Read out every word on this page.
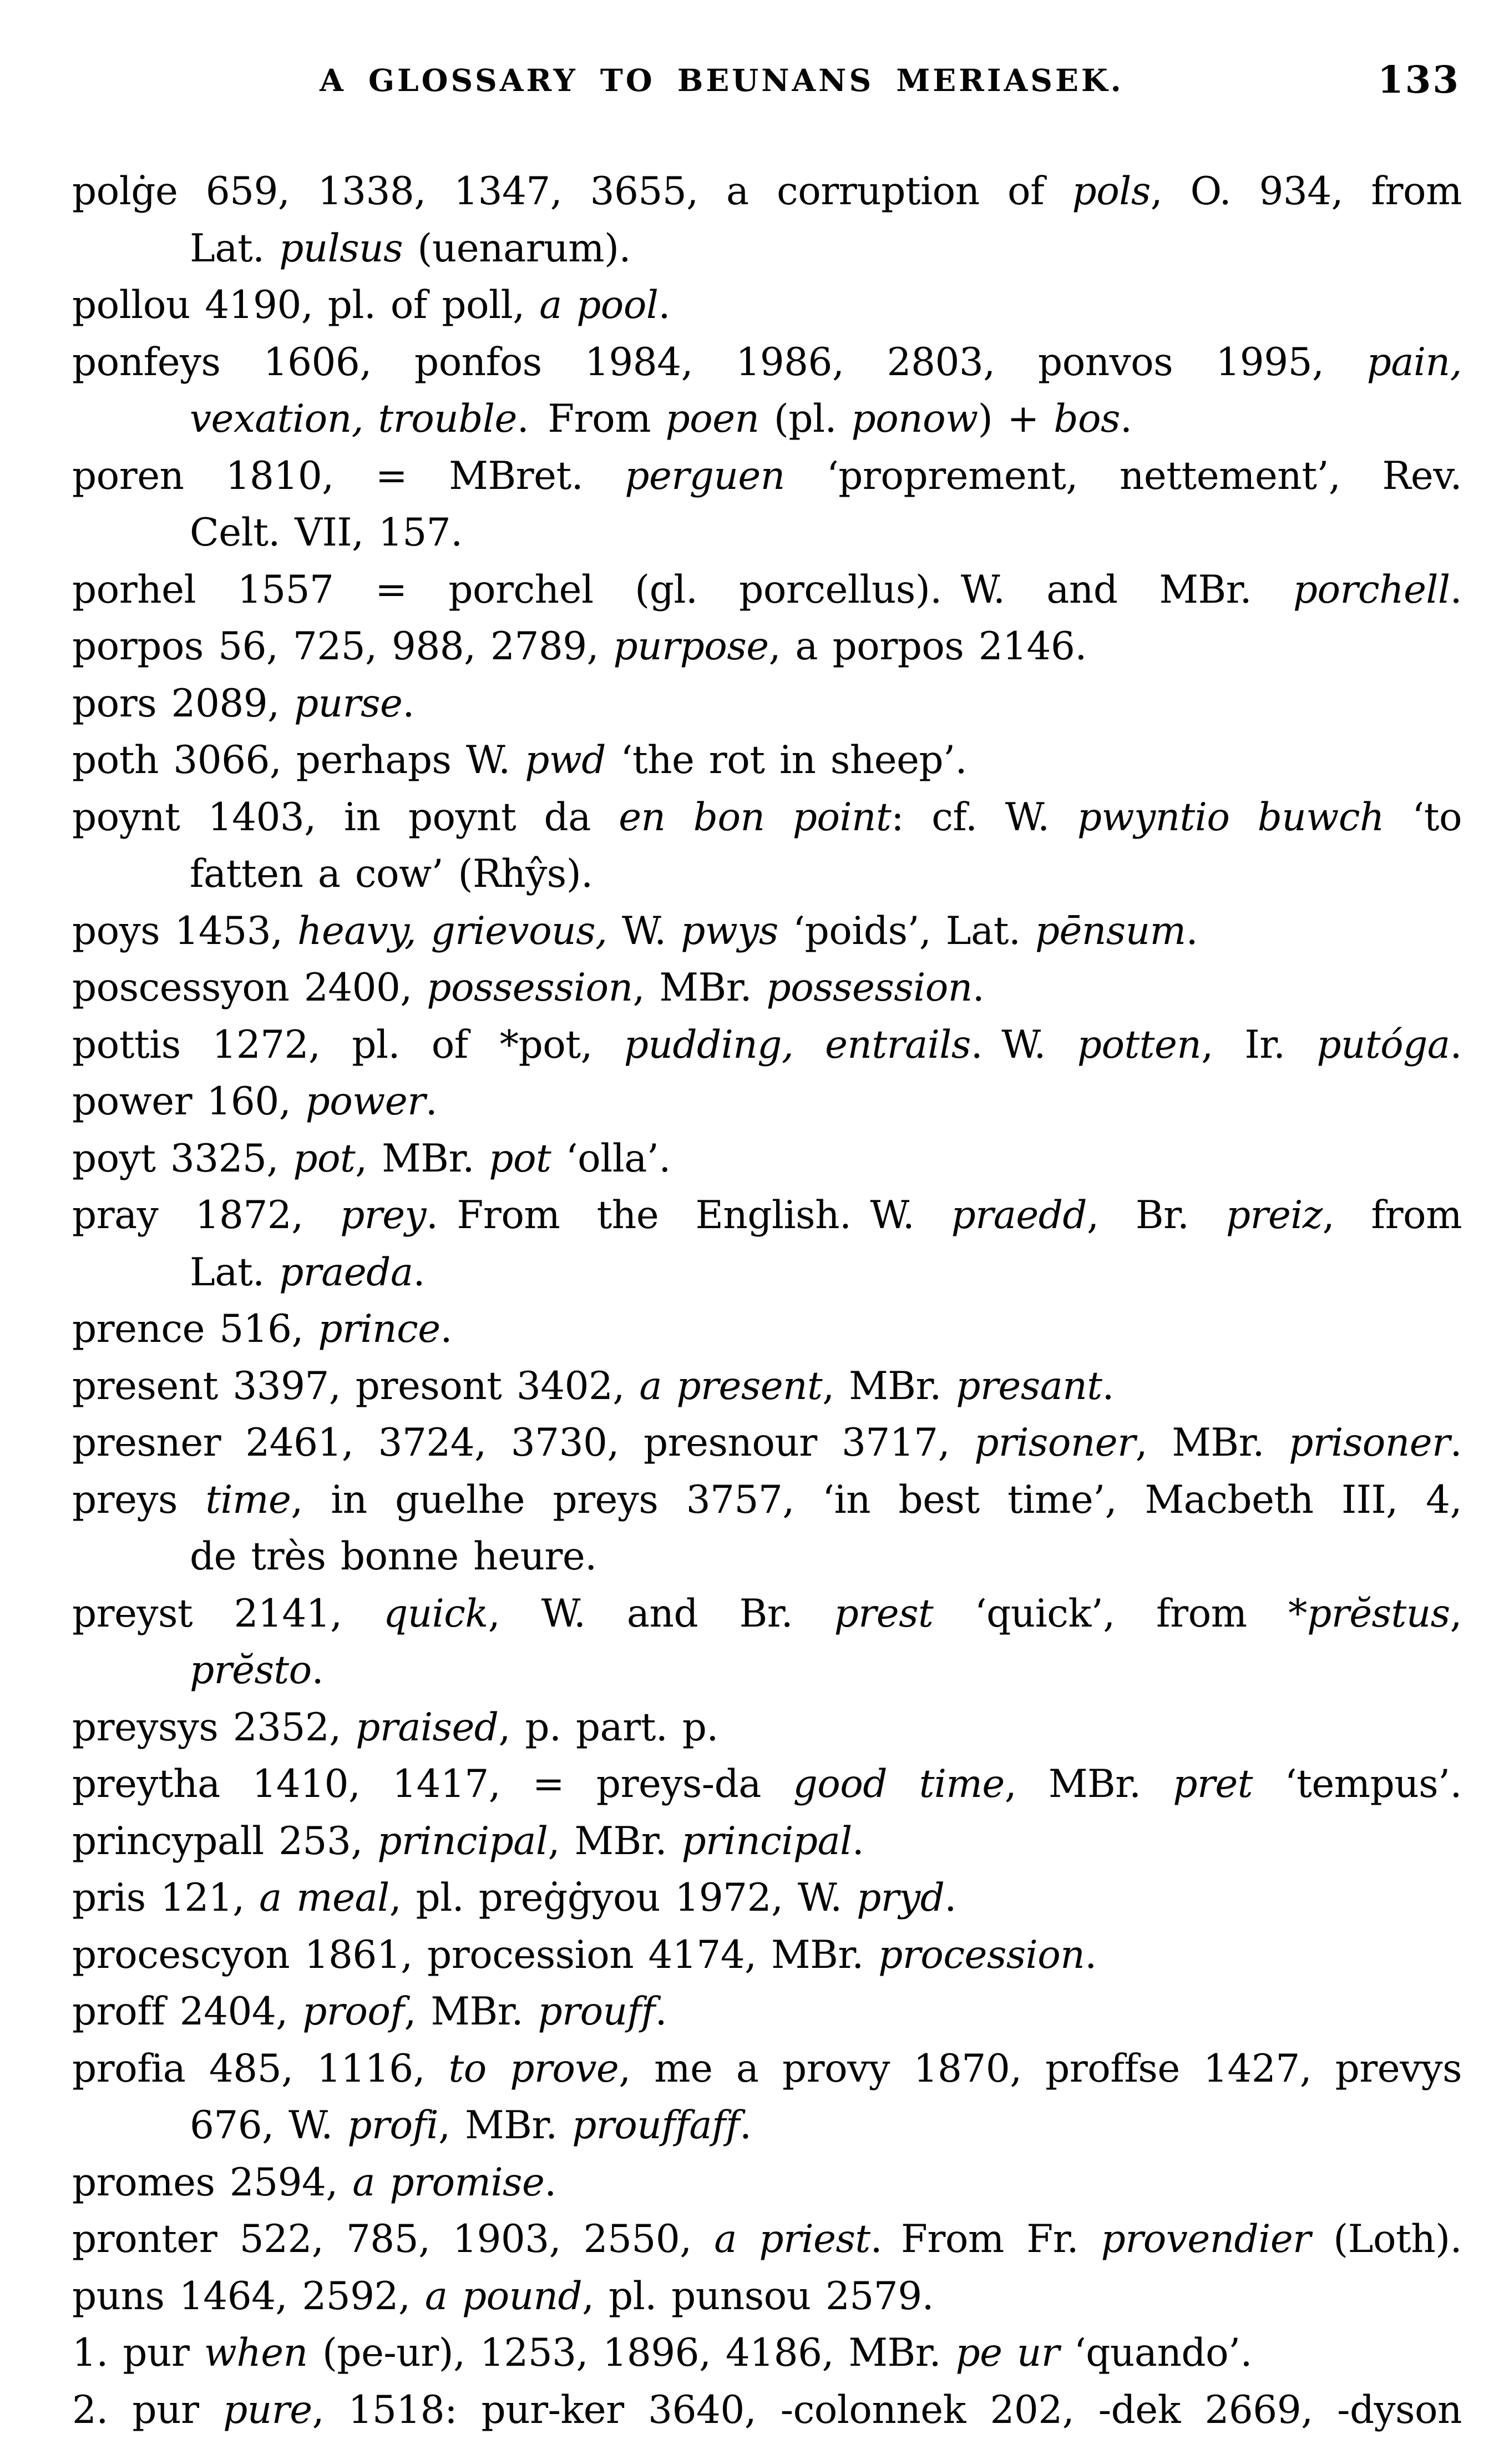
A GLOSSARY TO BEUNANS MERIASEK.	133
polġe 659, 1338, 1347, 3655, a corruption of pols, O. 934, from
Lat. pulsus (uenarum).
pollou 4190, pl. of poll, a pool.
ponfeys 1606, ponfos 1984, 1986, 2803, ponvos 1995, pain,
vexation, trouble. From poen (pl. ponow) + bos.
poren 1810, = MBret. perguen ‘proprement, nettement’, Rev.
Celt. VII, 157.
porhel 1557 = porchel (gl. porcellus). W. and MBr. porchell.
porpos 56, 725, 988, 2789, purpose, a porpos 2146.
pors 2089, purse.
poth 3066, perhaps W. pwd ‘the rot in sheep’.
poynt 1403, in poynt da en bon point: cf. W. pwyntio buwch ‘to
fatten a cow’ (Rhŷs).
poys 1453, heavy, grievous, W. pwys ‘poids’, Lat. pēnsum.
poscessyon 2400, possession, MBr. possession.
pottis 1272, pl. of *pot, pudding, entrails. W. potten, Ir. putóga.
power 160, power.
poyt 3325, pot, MBr. pot ‘olla’.
pray 1872, prey. From the English. W. praedd, Br. preiz, from
Lat. praeda.
prence 516, prince.
present 3397, presont 3402, a present, MBr. presant.
presner 2461, 3724, 3730, presnour 3717, prisoner, MBr. prisoner.
preys time, in guelhe preys 3757, ‘in best time’, Macbeth III, 4,
de très bonne heure.
preyst 2141, quick, W. and Br. prest ‘quick’, from *prĕstus,
prĕsto.
preysys 2352, praised, p. part. p.
preytha 1410, 1417, = preys-da good time, MBr. pret ‘tempus’.
princypall 253, principal, MBr. principal.
pris 121, a meal, pl. preġġyou 1972, W. pryd.
procescyon 1861, procession 4174, MBr. procession.
proff 2404, proof, MBr. prouff.
profia 485, 1116, to prove, me a provy 1870, proffse 1427, prevys
676, W. profi, MBr. prouffaff.
promes 2594, a promise.
pronter 522, 785, 1903, 2550, a priest. From Fr. provendier (Loth).
puns 1464, 2592, a pound, pl. punsou 2579.
1. pur when (pe-ur), 1253, 1896, 4186, MBr. pe ur ‘quando’.
2. pur pure, 1518: pur-ker 3640, -colonnek 202, -dek 2669, -dyson
